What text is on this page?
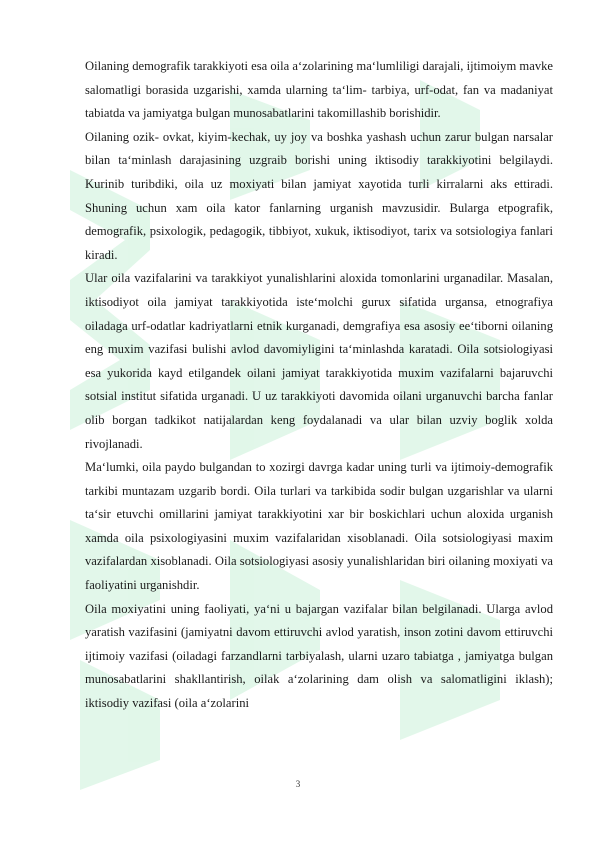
Oilaning demografik tarakkiyoti esa oila a‘zolarining ma‘lumliligi darajali, ijtimoiym mavke salomatligi borasida uzgarishi, xamda ularning ta‘lim- tarbiya, urf-odat, fan va madaniyat tabiatda va jamiyatga bulgan munosabatlarini takomillashib borishidir.

Oilaning ozik- ovkat, kiyim-kechak, uy joy va boshka yashash uchun zarur bulgan narsalar bilan ta‘minlash darajasining uzgraib borishi uning iktisodiy tarakkiyotini belgilaydi. Kurinib turibdiki, oila uz moxiyati bilan jamiyat xayotida turli kirralarni aks ettiradi. Shuning uchun xam oila kator fanlarning urganish mavzusidir. Bularga etpografik, demografik, psixologik, pedagogik, tibbiyot, xukuk, iktisodiyot, tarix va sotsiologiya fanlari kiradi.

Ular oila vazifalarini va tarakkiyot yunalishlarini aloxida tomonlarini urganadilar. Masalan, iktisodiyot oila jamiyat tarakkiyotida iste‘molchi gurux sifatida urgansa, etnografiya oiladaga urf-odatlar kadriyatlarni etnik kurganadi, demgrafiya esa asosiy ee‘tiborni oilaning eng muxim vazifasi bulishi avlod davomiyligini ta‘minlashda karatadi. Oila sotsiologiyasi esa yukorida kayd etilgandek oilani jamiyat tarakkiyotida muxim vazifalarni bajaruvchi sotsial institut sifatida urganadi. U uz tarakkiyoti davomida oilani urganuvchi barcha fanlar olib borgan tadkikot natijalardan keng foydalanadi va ular bilan uzviy boglik xolda rivojlanadi.

Ma‘lumki, oila paydo bulgandan to xozirgi davrga kadar uning turli va ijtimoiy-demografik tarkibi muntazam uzgarib bordi. Oila turlari va tarkibida sodir bulgan uzgarishlar va ularni ta‘sir etuvchi omillarini jamiyat tarakkiyotini xar bir boskichlari uchun aloxida urganish xamda oila psixologiyasini muxim vazifalaridan xisoblanadi. Oila sotsiologiyasi maxim vazifalardan xisoblanadi. Oila sotsiologiyasi asosiy yunalishlaridan biri oilaning moxiyati va faoliyatini urganishdir.

Oila moxiyatini uning faoliyati, ya‘ni u bajargan vazifalar bilan belgilanadi. Ularga avlod yaratish vazifasini (jamiyatni davom ettiruvchi avlod yaratish, inson zotini davom ettiruvchi ijtimoiy vazifasi (oiladagi farzandlarni tarbiyalash, ularni uzaro tabiatga , jamiyatga bulgan munosabatlarini shakllantirish, oilak a‘zolarining dam olish va salomatligini iklash); iktisodiy vazifasi (oila a‘zolarini

3
